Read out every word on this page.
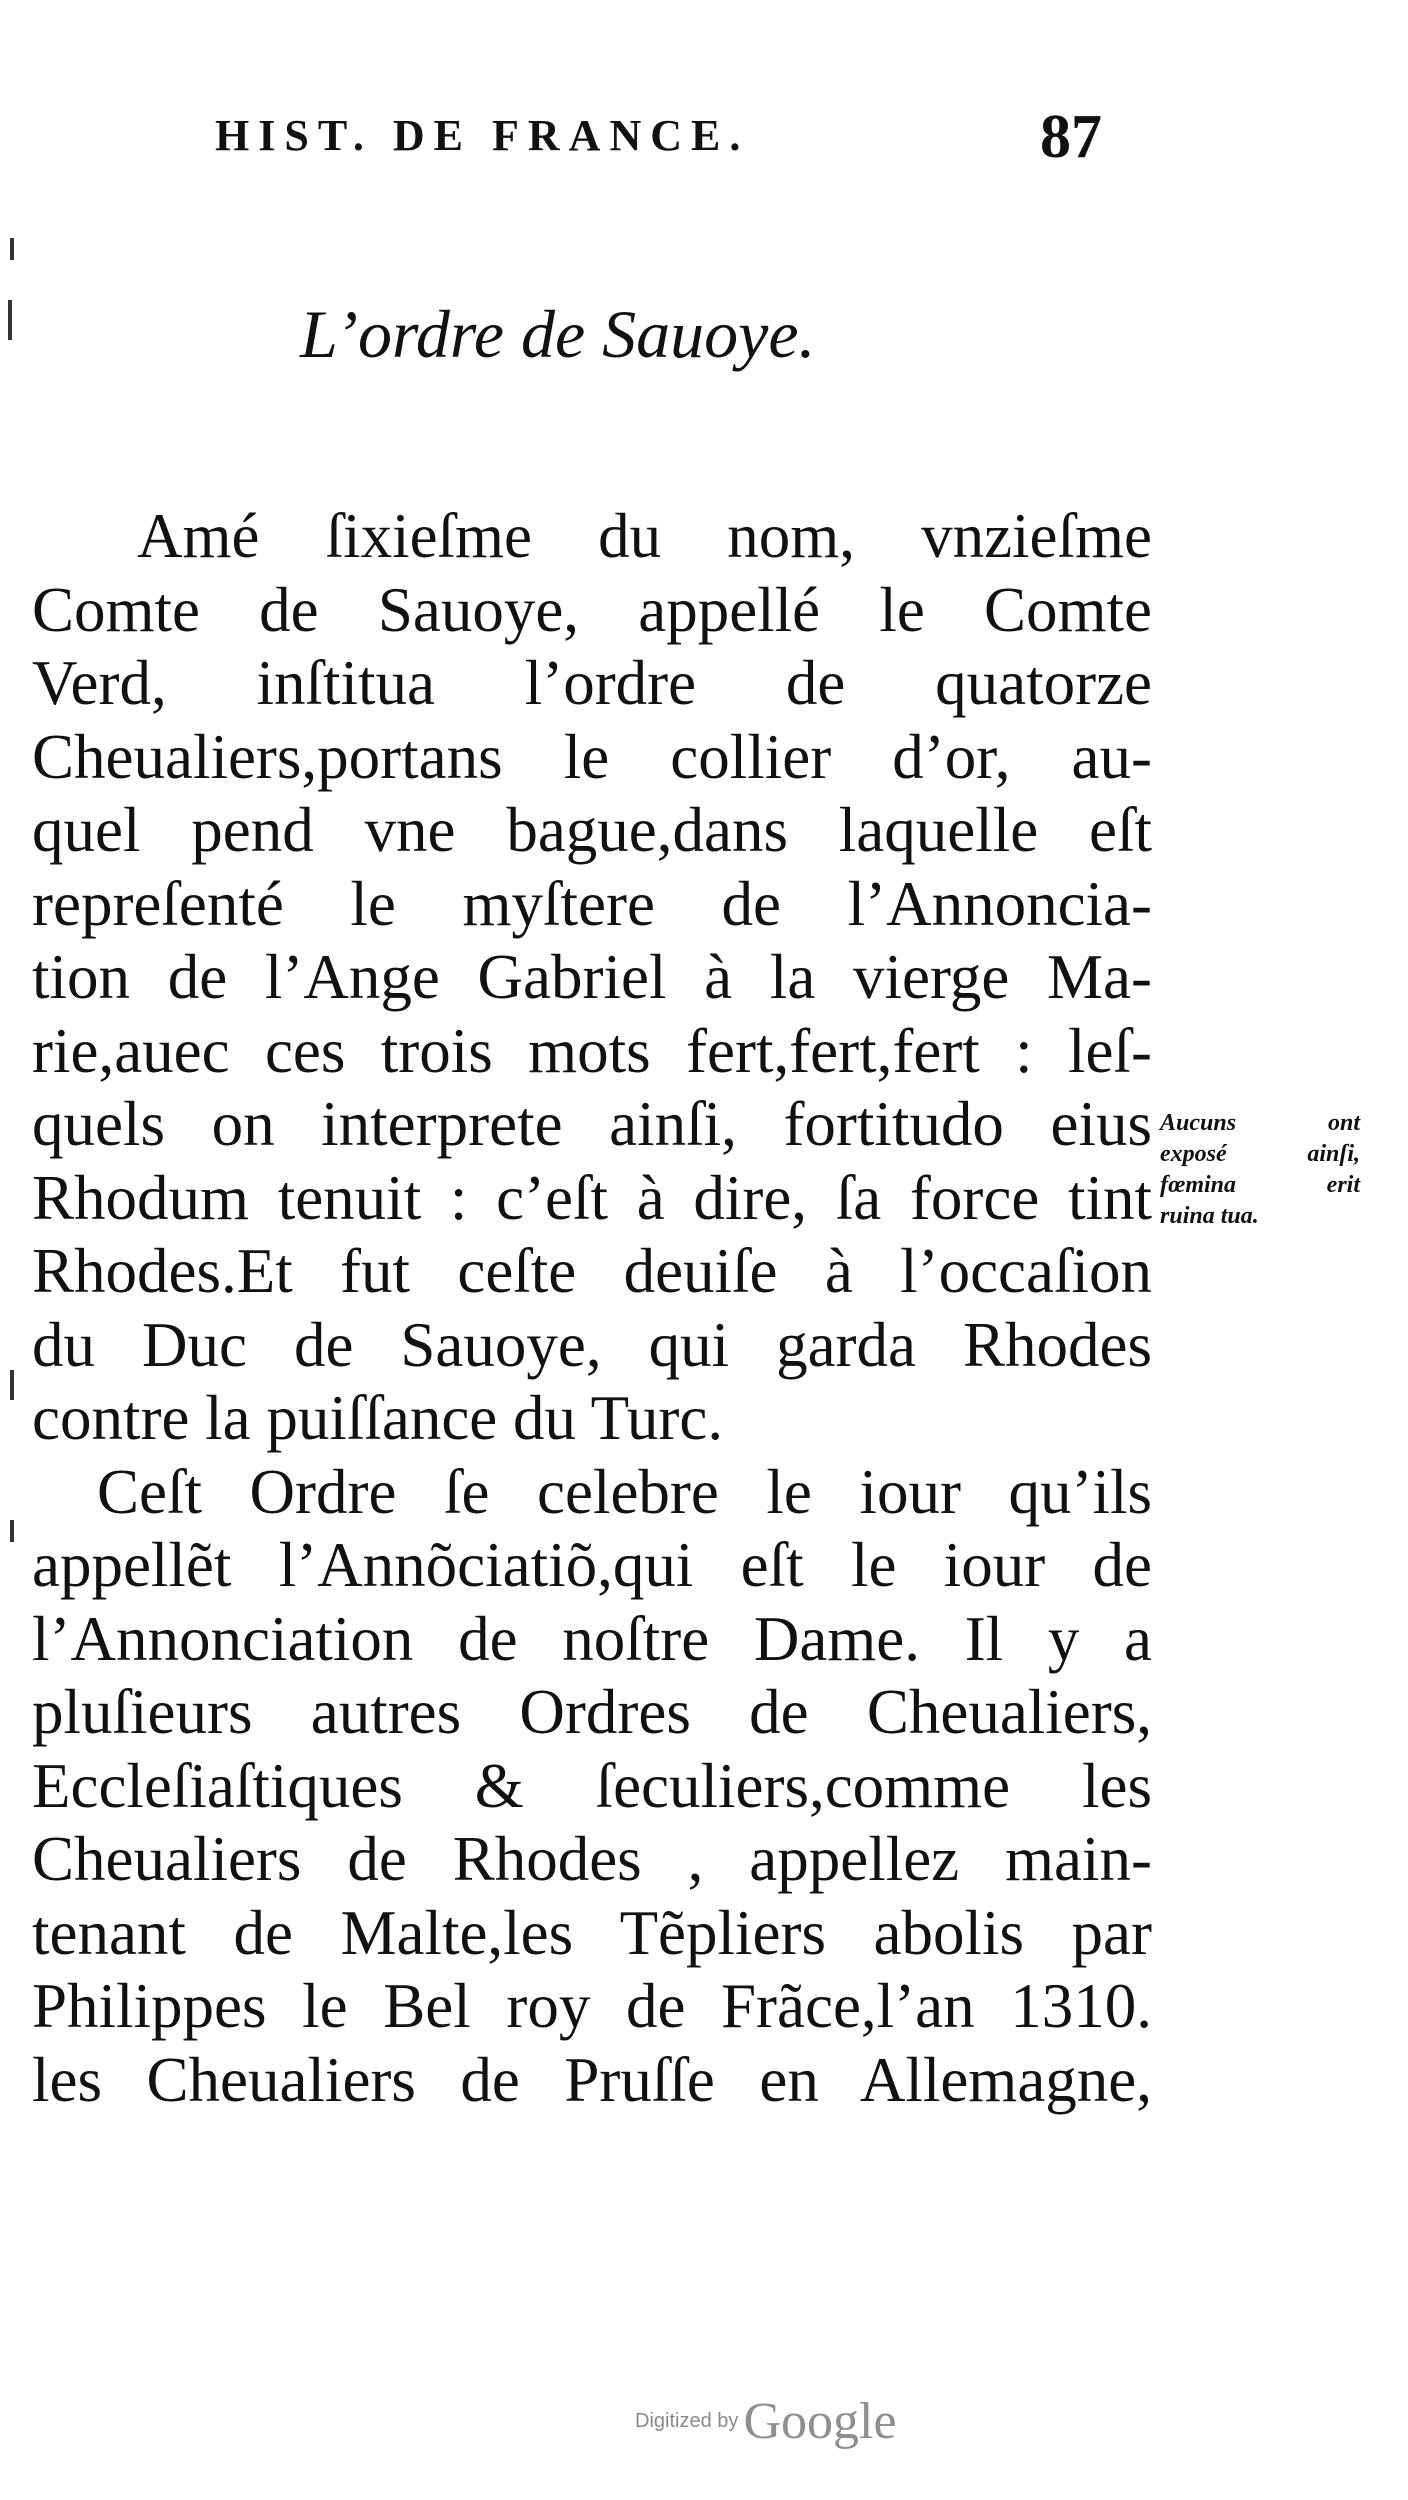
HIST. DE FRANCE.	87
L’ordre de Sauoye.
Amé ſixieſme du nom, vnzieſme
Comte de Sauoye, appellé le Comte
Verd, inſtitua l’ordre de quatorze
Cheualiers,portans le collier d’or, au-
quel pend vne bague,dans laquelle eſt
repreſenté le myſtere de l’Annoncia-
tion de l’Ange Gabriel à la vierge Ma-
rie,auec ces trois mots fert,fert,fert : leſ-
quels on interprete ainſi, fortitudo eius
Rhodum tenuit : c’eſt à dire, ſa force tint
Rhodes.Et fut ceſte deuiſe à l’occaſion
du Duc de Sauoye, qui garda Rhodes
contre la puiſſance du Turc.
Ceſt Ordre ſe celebre le iour qu’ils
appellẽt l’Annõciatiõ,qui eſt le iour de
l’Annonciation de noſtre Dame. Il y a
pluſieurs autres Ordres de Cheualiers,
Eccleſiaſtiques & ſeculiers,comme les
Cheualiers de Rhodes , appellez main-
tenant de Malte,les Tẽpliers abolis par
Philippes le Bel roy de Frãce,l’an 1310.
les Cheualiers de Pruſſe en Allemagne,
Aucuns ont
exposé ainſi,
fœmina erit
ruina tua.
Digitized by Google
